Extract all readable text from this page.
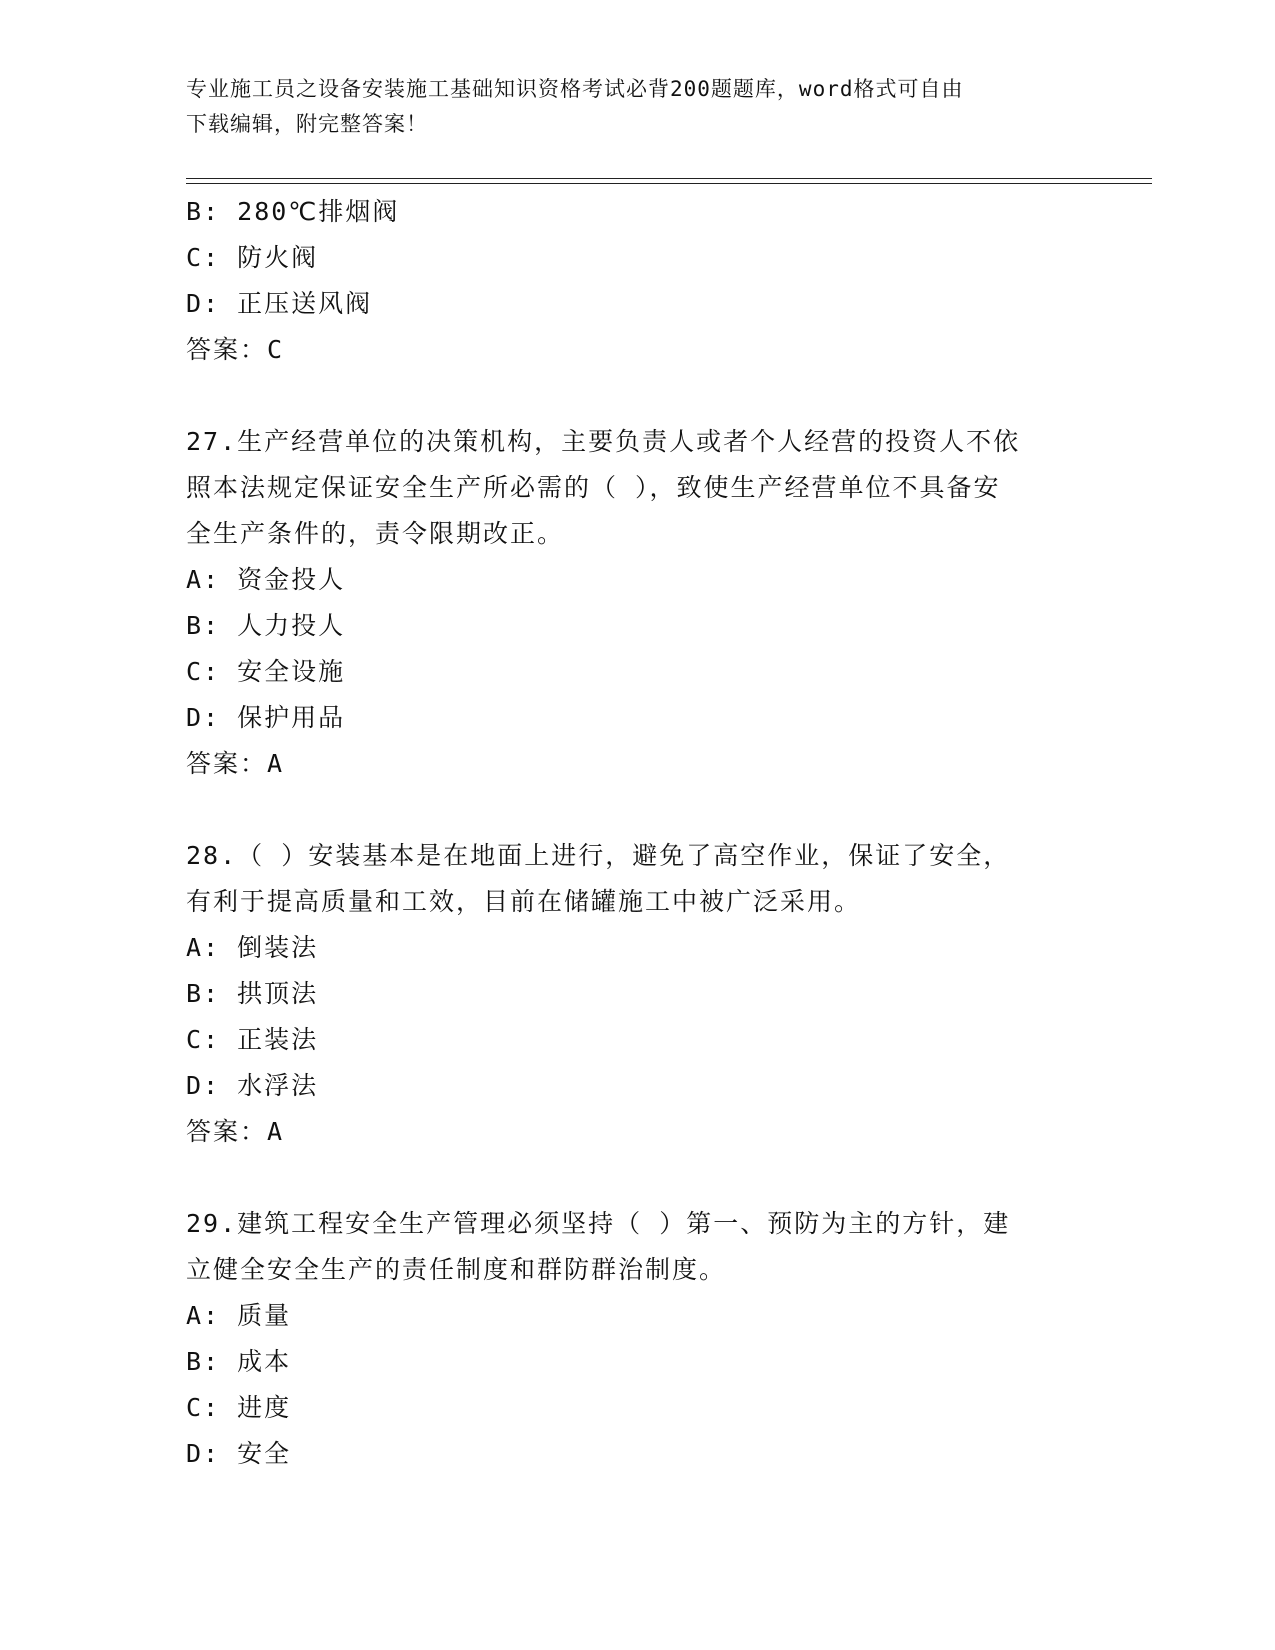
专业施工员之设备安装施工基础知识资格考试必背200题题库，word格式可自由
下载编辑，附完整答案！
B: 280℃排烟阀
C: 防火阀
D: 正压送风阀
答案：C
27.生产经营单位的决策机构，主要负责人或者个人经营的投资人不依
照本法规定保证安全生产所必需的（ ），致使生产经营单位不具备安
全生产条件的，责令限期改正。
A: 资金投人
B: 人力投人
C: 安全设施
D: 保护用品
答案：A
28.（ ）安装基本是在地面上进行，避免了高空作业，保证了安全，
有利于提高质量和工效，目前在储罐施工中被广泛采用。
A: 倒装法
B: 拱顶法
C: 正装法
D: 水浮法
答案：A
29.建筑工程安全生产管理必须坚持（ ）第一、预防为主的方针，建
立健全安全生产的责任制度和群防群治制度。
A: 质量
B: 成本
C: 进度
D: 安全
